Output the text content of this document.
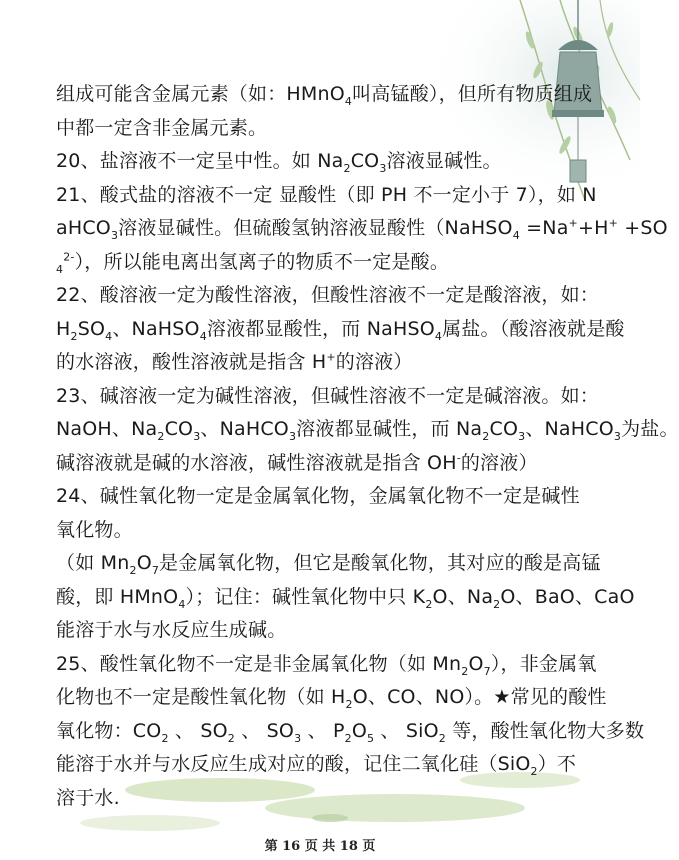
组成可能含金属元素（如：HMnO$_4$叫高锰酸），但所有物质组成
中都一定含非金属元素。
20、盐溶液不一定呈中性。如 $Na_2CO_3$溶液显碱性。
21、酸式盐的溶液不一定 显酸性（即 PH 不一定小于 7），如 N
aHCO$_3$溶液显碱性。但硫酸氢钠溶液显酸性（NaHSO$_4$ =Na++H+ +SO
$_4^{2-}$），所以能电离出氢离子的物质不一定是酸。
22、酸溶液一定为酸性溶液，但酸性溶液不一定是酸溶液，如：
$H_2SO_4$、NaHSO$_4$溶液都显酸性，而 NaHSO$_4$属盐。（酸溶液就是酸
的水溶液，酸性溶液就是指含 H+的溶液）
23、碱溶液一定为碱性溶液，但碱性溶液不一定是碱溶液。如：
NaOH、$Na_2CO_3$、NaHCO$_3$溶液都显碱性，而 $Na_2CO_3$、NaHCO$_3$为盐。
碱溶液就是碱的水溶液，碱性溶液就是指含 OH-的溶液）
24、碱性氧化物一定是金属氧化物，金属氧化物不一定是碱性
氧化物。
（如 $Mn_2O_7$是金属氧化物，但它是酸氧化物，其对应的酸是高锰
酸，即 HMnO$_4$）；记住：碱性氧化物中只 $K_2O$、$Na_2O$、BaO、CaO
能溶于水与水反应生成碱。
25、酸性氧化物不一定是非金属氧化物（如 $Mn_2O_7$），非金属氧
化物也不一定是酸性氧化物（如 $H_2O$、CO、NO）。★常见的酸性
氧化物：$CO_2$ 、 $SO_2$ 、 $SO_3$ 、 $P_2O_5$ 、 SiO$_2$ 等，酸性氧化物大多数
能溶于水并与水反应生成对应的酸，记住二氧化硅（SiO$_2$）不
溶于水.
第 16 页 共 18 页
